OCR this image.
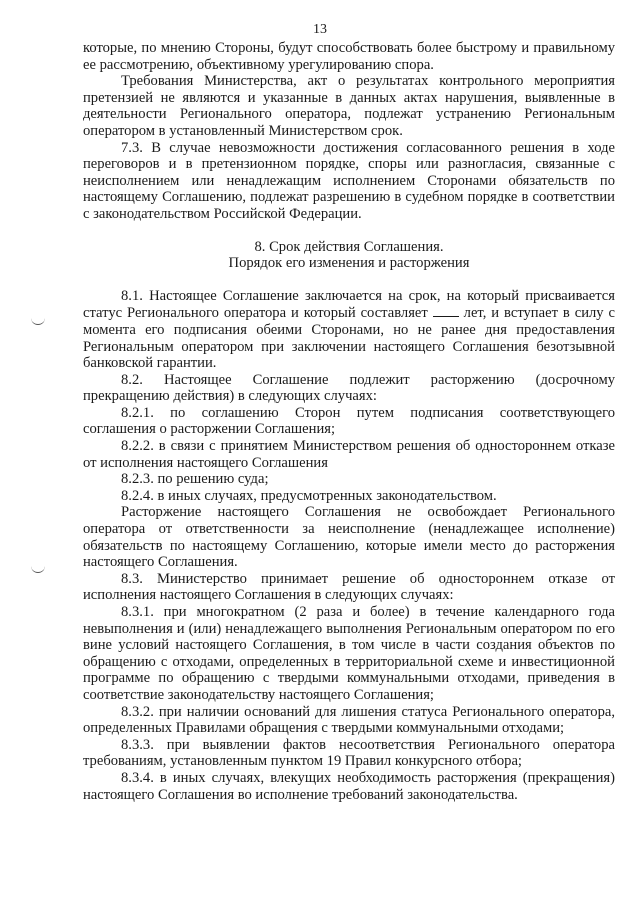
13

которые, по мнению Стороны, будут способствовать более быстрому и правильному ее рассмотрению, объективному урегулированию спора.

Требования Министерства, акт о результатах контрольного мероприятия претензией не являются и указанные в данных актах нарушения, выявленные в деятельности Регионального оператора, подлежат устранению Региональным оператором в установленный Министерством срок.

7.3. В случае невозможности достижения согласованного решения в ходе переговоров и в претензионном порядке, споры или разногласия, связанные с неисполнением или ненадлежащим исполнением Сторонами обязательств по настоящему Соглашению, подлежат разрешению в судебном порядке в соответствии с законодательством Российской Федерации.

8. Срок действия Соглашения.

Порядок его изменения и расторжения

8.1. Настоящее Соглашение заключается на срок, на который присваивается статус Регионального оператора и который составляет  лет, и вступает в силу с момента его подписания обеими Сторонами, но не ранее дня предоставления Региональным оператором при заключении настоящего Соглашения безотзывной банковской гарантии.

8.2. Настоящее Соглашение подлежит расторжению (досрочному прекращению действия) в следующих случаях:

8.2.1. по соглашению Сторон путем подписания соответствующего соглашения о расторжении Соглашения;

8.2.2. в связи с принятием Министерством решения об одностороннем отказе от исполнения настоящего Соглашения

8.2.3. по решению суда;

8.2.4. в иных случаях, предусмотренных законодательством.

Расторжение настоящего Соглашения не освобождает Регионального оператора от ответственности за неисполнение (ненадлежащее исполнение) обязательств по настоящему Соглашению, которые имели место до расторжения настоящего Соглашения.

8.3. Министерство принимает решение об одностороннем отказе от исполнения настоящего Соглашения в следующих случаях:

8.3.1. при многократном (2 раза и более) в течение календарного года невыполнения и (или) ненадлежащего выполнения Региональным оператором по его вине условий настоящего Соглашения, в том числе в части создания объектов по обращению с отходами, определенных в территориальной схеме и инвестиционной программе по обращению с твердыми коммунальными отходами, приведения в соответствие законодательству настоящего Соглашения;

8.3.2. при наличии оснований для лишения статуса Регионального оператора, определенных Правилами обращения с твердыми коммунальными отходами;

8.3.3. при выявлении фактов несоответствия Регионального оператора требованиям, установленным пунктом 19 Правил конкурсного отбора;

8.3.4. в иных случаях, влекущих необходимость расторжения (прекращения) настоящего Соглашения во исполнение требований законодательства.
